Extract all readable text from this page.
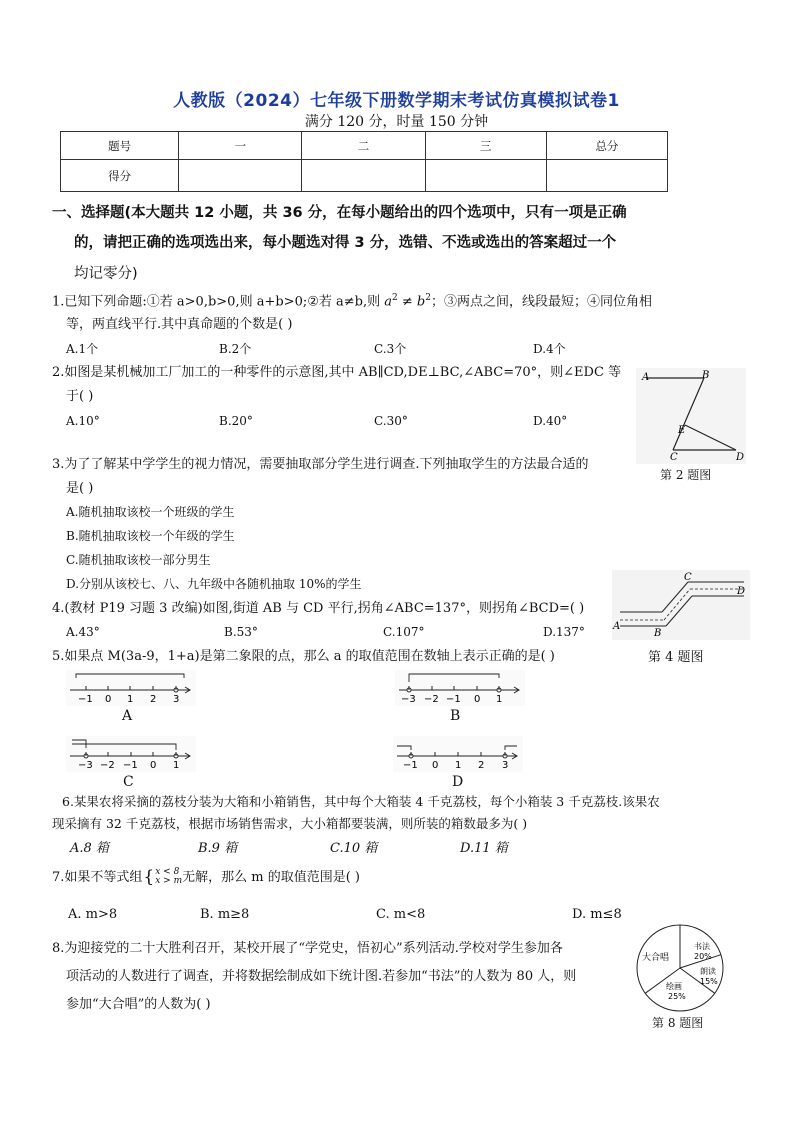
人教版（2024）七年级下册数学期末考试仿真模拟试卷1
满分 120 分，时量 150 分钟
题号	一	二	三	总分
得分				
一、选择题(本大题共 12 小题，共 36 分，在每小题给出的四个选项中，只有一项是正确
的，请把正确的选项选出来，每小题选对得 3 分，选错、不选或选出的答案超过一个
均记零分)
1.已知下列命题:①若 a>0,b>0,则 a+b>0;②若 a≠b,则 $a^2 \ne b^2$；③两点之间，线段最短；④同位角相
等，两直线平行.其中真命题的个数是( )
A.1个	B.2个	C.3个	D.4个
2.如图是某机械加工厂加工的一种零件的示意图,其中 AB∥CD,DE⊥BC,∠ABC=70°，则∠EDC 等
于( )
A.10°	B.20°	C.30°	D.40°
A	B
E
C	D
第 2 题图
3.为了了解某中学学生的视力情况，需要抽取部分学生进行调查.下列抽取学生的方法最合适的
是( )
A.随机抽取该校一个班级的学生
B.随机抽取该校一个年级的学生
C.随机抽取该校一部分男生
D.分别从该校七、八、九年级中各随机抽取 10%的学生
4.(教材 P19 习题 3 改编)如图,街道 AB 与 CD 平行,拐角∠ABC=137°，则拐角∠BCD=( )
A.43°	B.53°	C.107°	D.137°	A
B
C
D
第 4 题图
5.如果点 M(3a-9，1+a)是第二象限的点，那么 a 的取值范围在数轴上表示正确的是( )
−1 0 1 2 3
A
−3 −2 −1 0 1
B
−3 −2 −1 0 1
C
−1 0 1 2 3
D
6.某果农将采摘的荔枝分装为大箱和小箱销售，其中每个大箱装 4 千克荔枝，每个小箱装 3 千克荔枝.该果农
现采摘有 32 千克荔枝，根据市场销售需求，大小箱都要装满，则所装的箱数最多为( )
A.8 箱	B.9 箱	C.10 箱	D.11 箱
7.如果不等式组{ x < 8
x > m 无解，那么 m 的取值范围是( )
A. m>8	B. m≥8	C. m<8	D. m≤8
8.为迎接党的二十大胜利召开，某校开展了“学党史，悟初心”系列活动.学校对学生参加各
项活动的人数进行了调查，并将数据绘制成如下统计图.若参加“书法”的人数为 80 人，则
参加“大合唱”的人数为( )
大合唱
书法
20%
朗读
15%
绘画
25%
第 8 题图
